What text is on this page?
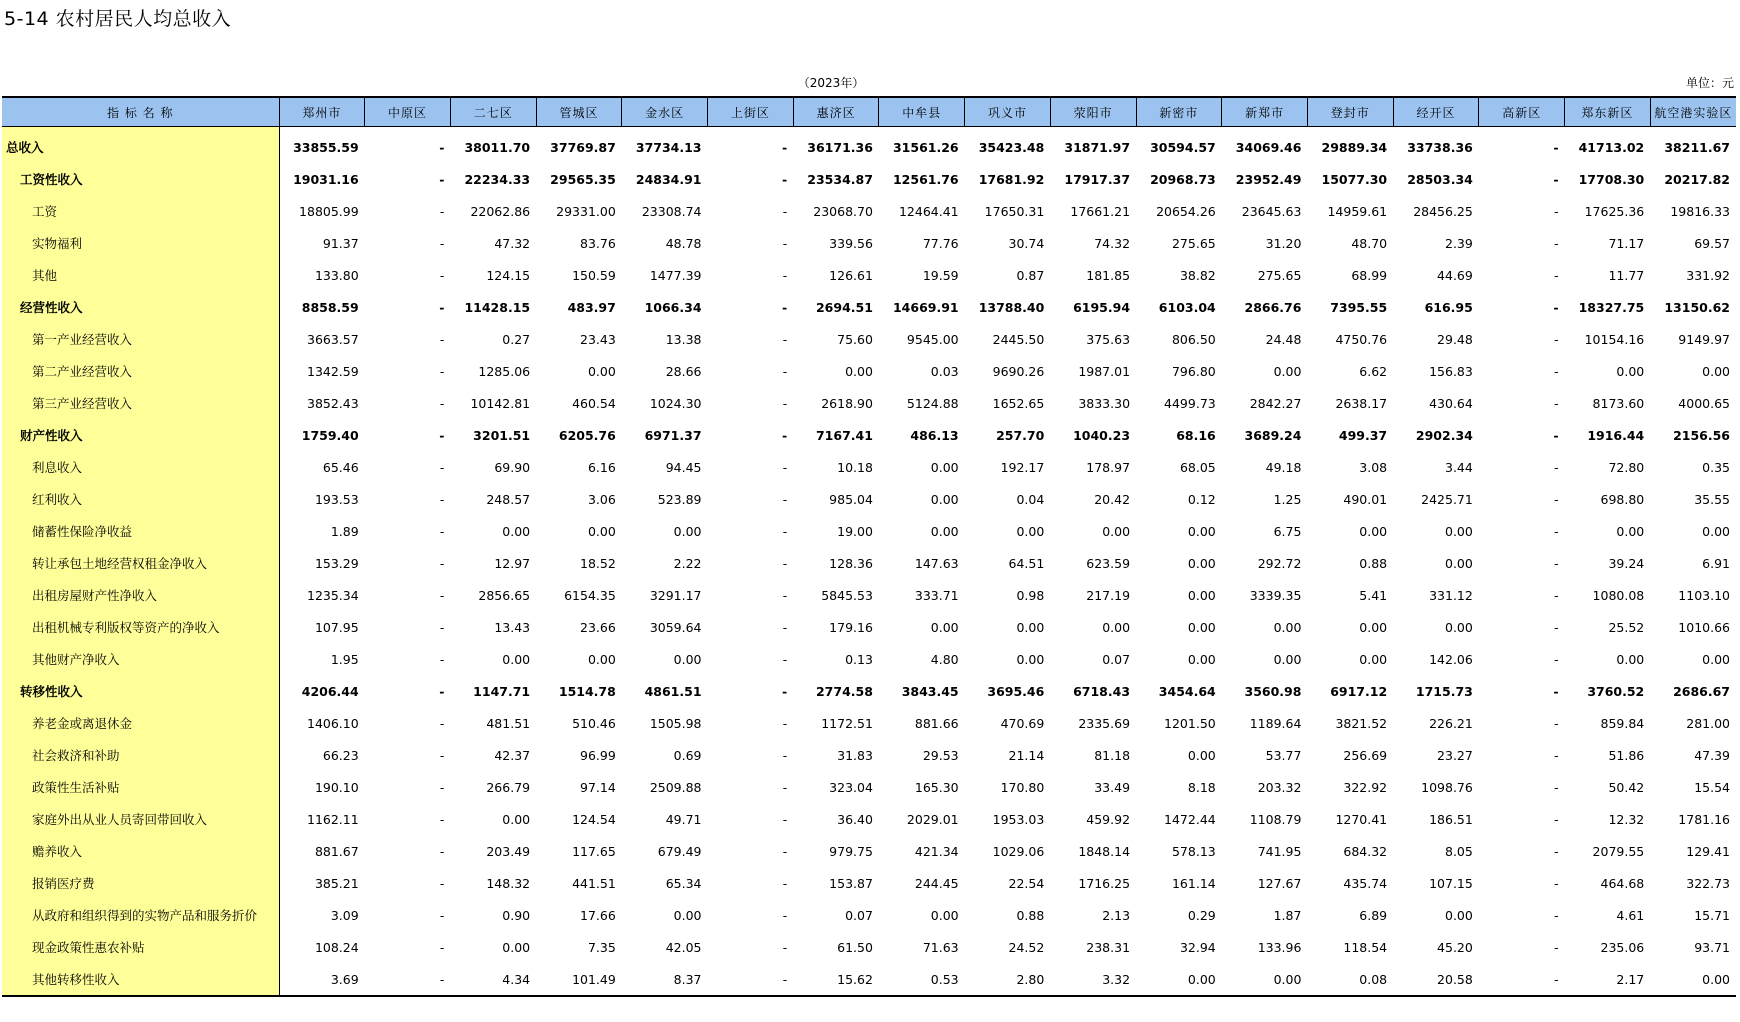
5-14 农村居民人均总收入
（2023年）	单位：元
指 标 名 称	郑州市	中原区	二七区	管城区	金水区	上街区	惠济区	中牟县	巩义市	荥阳市	新密市	新郑市	登封市	经开区	高新区	郑东新区	航空港实验区
总收入	33855.59	-	38011.70	37769.87	37734.13	-	36171.36	31561.26	35423.48	31871.97	30594.57	34069.46	29889.34	33738.36	-	41713.02	38211.67
工资性收入	19031.16	-	22234.33	29565.35	24834.91	-	23534.87	12561.76	17681.92	17917.37	20968.73	23952.49	15077.30	28503.34	-	17708.30	20217.82
工资	18805.99	-	22062.86	29331.00	23308.74	-	23068.70	12464.41	17650.31	17661.21	20654.26	23645.63	14959.61	28456.25	-	17625.36	19816.33
实物福利	91.37	-	47.32	83.76	48.78	-	339.56	77.76	30.74	74.32	275.65	31.20	48.70	2.39	-	71.17	69.57
其他	133.80	-	124.15	150.59	1477.39	-	126.61	19.59	0.87	181.85	38.82	275.65	68.99	44.69	-	11.77	331.92
经营性收入	8858.59	-	11428.15	483.97	1066.34	-	2694.51	14669.91	13788.40	6195.94	6103.04	2866.76	7395.55	616.95	-	18327.75	13150.62
第一产业经营收入	3663.57	-	0.27	23.43	13.38	-	75.60	9545.00	2445.50	375.63	806.50	24.48	4750.76	29.48	-	10154.16	9149.97
第二产业经营收入	1342.59	-	1285.06	0.00	28.66	-	0.00	0.03	9690.26	1987.01	796.80	0.00	6.62	156.83	-	0.00	0.00
第三产业经营收入	3852.43	-	10142.81	460.54	1024.30	-	2618.90	5124.88	1652.65	3833.30	4499.73	2842.27	2638.17	430.64	-	8173.60	4000.65
财产性收入	1759.40	-	3201.51	6205.76	6971.37	-	7167.41	486.13	257.70	1040.23	68.16	3689.24	499.37	2902.34	-	1916.44	2156.56
利息收入	65.46	-	69.90	6.16	94.45	-	10.18	0.00	192.17	178.97	68.05	49.18	3.08	3.44	-	72.80	0.35
红利收入	193.53	-	248.57	3.06	523.89	-	985.04	0.00	0.04	20.42	0.12	1.25	490.01	2425.71	-	698.80	35.55
储蓄性保险净收益	1.89	-	0.00	0.00	0.00	-	19.00	0.00	0.00	0.00	0.00	6.75	0.00	0.00	-	0.00	0.00
转让承包土地经营权租金净收入	153.29	-	12.97	18.52	2.22	-	128.36	147.63	64.51	623.59	0.00	292.72	0.88	0.00	-	39.24	6.91
出租房屋财产性净收入	1235.34	-	2856.65	6154.35	3291.17	-	5845.53	333.71	0.98	217.19	0.00	3339.35	5.41	331.12	-	1080.08	1103.10
出租机械专利版权等资产的净收入	107.95	-	13.43	23.66	3059.64	-	179.16	0.00	0.00	0.00	0.00	0.00	0.00	0.00	-	25.52	1010.66
其他财产净收入	1.95	-	0.00	0.00	0.00	-	0.13	4.80	0.00	0.07	0.00	0.00	0.00	142.06	-	0.00	0.00
转移性收入	4206.44	-	1147.71	1514.78	4861.51	-	2774.58	3843.45	3695.46	6718.43	3454.64	3560.98	6917.12	1715.73	-	3760.52	2686.67
养老金或离退休金	1406.10	-	481.51	510.46	1505.98	-	1172.51	881.66	470.69	2335.69	1201.50	1189.64	3821.52	226.21	-	859.84	281.00
社会救济和补助	66.23	-	42.37	96.99	0.69	-	31.83	29.53	21.14	81.18	0.00	53.77	256.69	23.27	-	51.86	47.39
政策性生活补贴	190.10	-	266.79	97.14	2509.88	-	323.04	165.30	170.80	33.49	8.18	203.32	322.92	1098.76	-	50.42	15.54
家庭外出从业人员寄回带回收入	1162.11	-	0.00	124.54	49.71	-	36.40	2029.01	1953.03	459.92	1472.44	1108.79	1270.41	186.51	-	12.32	1781.16
赡养收入	881.67	-	203.49	117.65	679.49	-	979.75	421.34	1029.06	1848.14	578.13	741.95	684.32	8.05	-	2079.55	129.41
报销医疗费	385.21	-	148.32	441.51	65.34	-	153.87	244.45	22.54	1716.25	161.14	127.67	435.74	107.15	-	464.68	322.73
从政府和组织得到的实物产品和服务折价	3.09	-	0.90	17.66	0.00	-	0.07	0.00	0.88	2.13	0.29	1.87	6.89	0.00	-	4.61	15.71
现金政策性惠农补贴	108.24	-	0.00	7.35	42.05	-	61.50	71.63	24.52	238.31	32.94	133.96	118.54	45.20	-	235.06	93.71
其他转移性收入	3.69	-	4.34	101.49	8.37	-	15.62	0.53	2.80	3.32	0.00	0.00	0.08	20.58	-	2.17	0.00
